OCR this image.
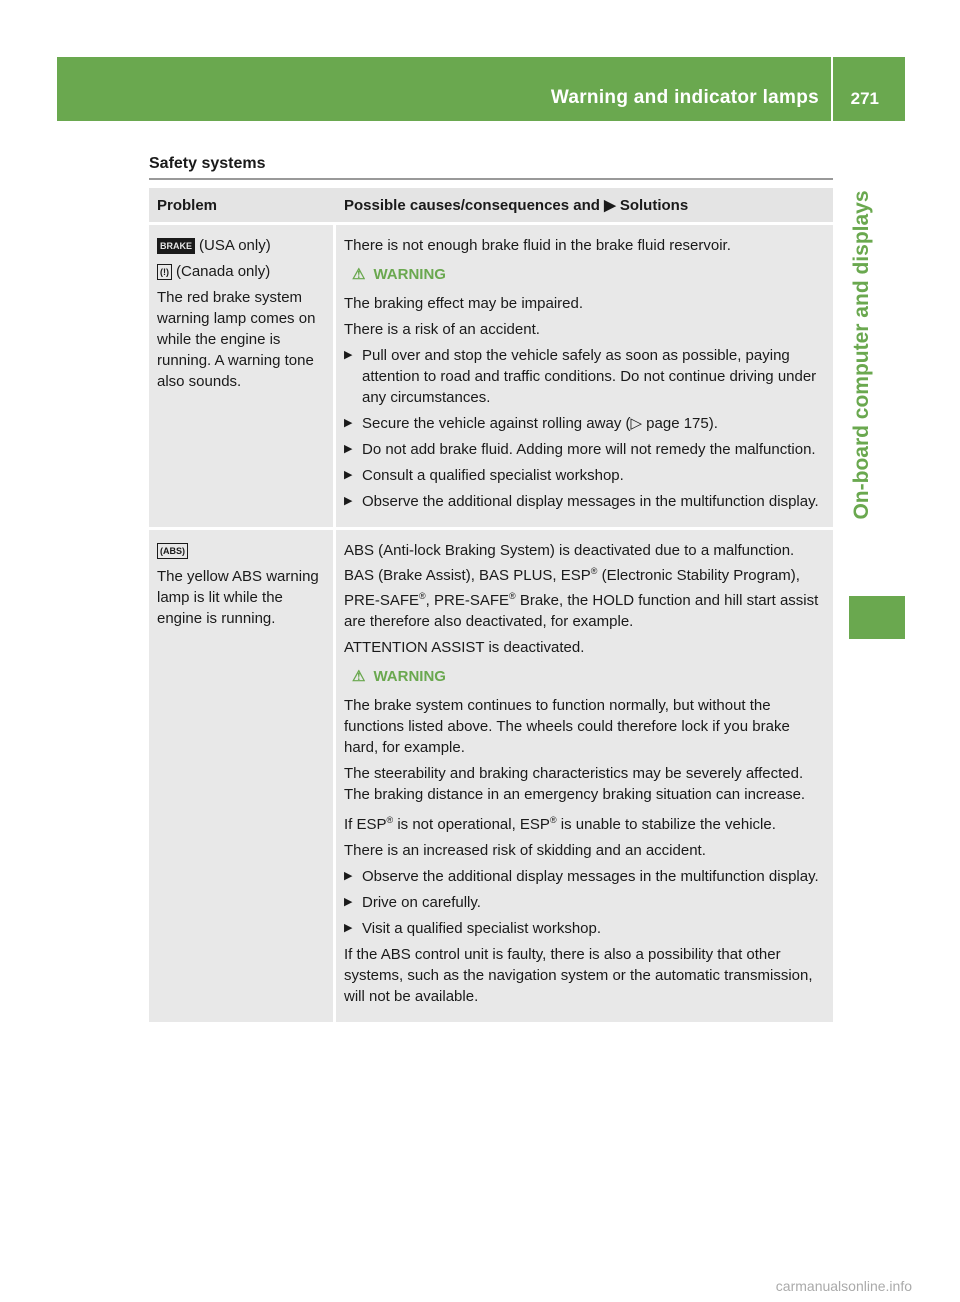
Warning and indicator lamps 271
On-board computer and displays
Safety systems
Problem	Possible causes/consequences and ▶ Solutions

BRAKE (USA only)

(!) (Canada only)

The red brake system warning lamp comes on while the engine is running. A warning tone also sounds.

There is not enough brake fluid in the brake fluid reservoir.

⚠ WARNING

The braking effect may be impaired.

There is a risk of an accident.

▶ Pull over and stop the vehicle safely as soon as possible, paying attention to road and traffic conditions. Do not continue driving under any circumstances.
▶ Secure the vehicle against rolling away (▷ page 175).
▶ Do not add brake fluid. Adding more will not remedy the malfunction.
▶ Consult a qualified specialist workshop.
▶ Observe the additional display messages in the multifunction display.

(ABS)

The yellow ABS warning lamp is lit while the engine is running.

ABS (Anti-lock Braking System) is deactivated due to a malfunction. BAS (Brake Assist), BAS PLUS, ESP® (Electronic Stability Program), PRE-SAFE®, PRE-SAFE® Brake, the HOLD function and hill start assist are therefore also deactivated, for example.

ATTENTION ASSIST is deactivated.

⚠ WARNING

The brake system continues to function normally, but without the functions listed above. The wheels could therefore lock if you brake hard, for example.

The steerability and braking characteristics may be severely affected. The braking distance in an emergency braking situation can increase.

If ESP® is not operational, ESP® is unable to stabilize the vehicle.

There is an increased risk of skidding and an accident.

▶ Observe the additional display messages in the multifunction display.
▶ Drive on carefully.
▶ Visit a qualified specialist workshop.

If the ABS control unit is faulty, there is also a possibility that other systems, such as the navigation system or the automatic transmission, will not be available.

carmanualsonline.info
